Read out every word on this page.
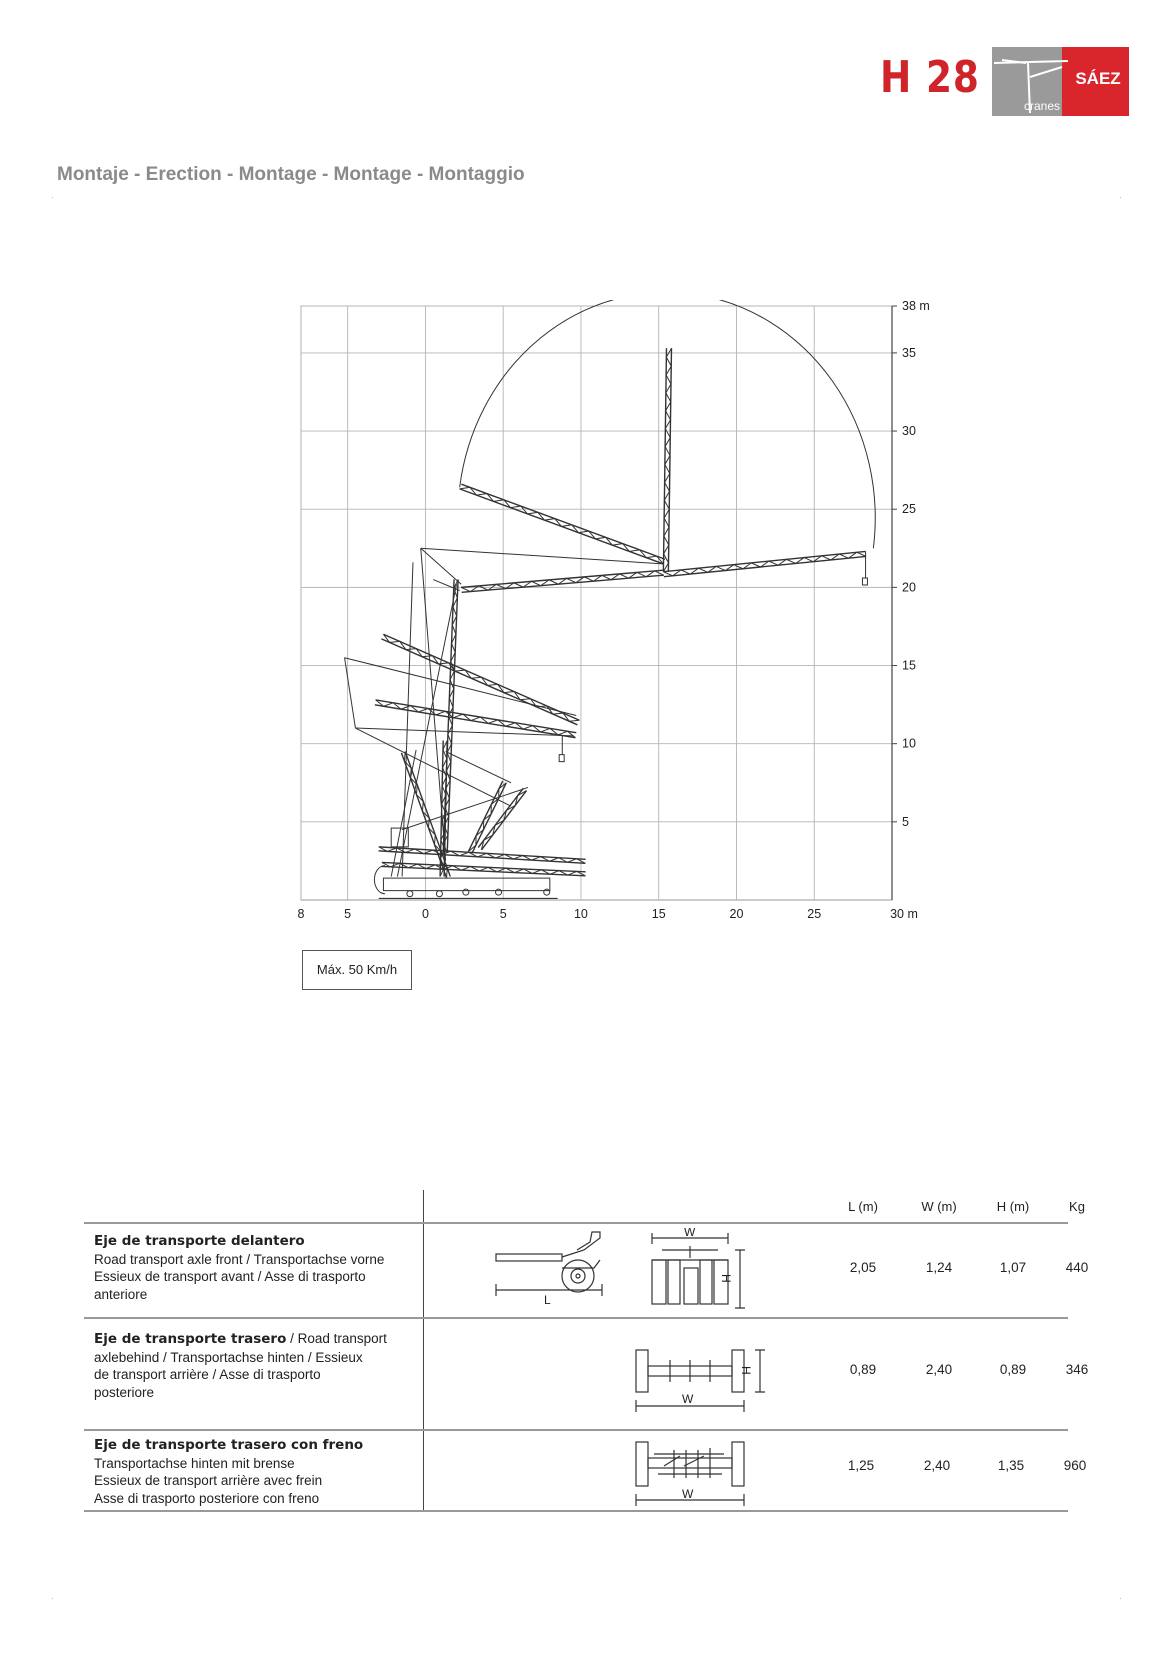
H 28	SÁEZ
cranes
Montaje - Erection - Montage - Montage - Montaggio
8	5	0	5	10	15	20	25	30 m
38 m
35
30
25
20
15
10
5
Máx. 50 Km/h
L (m)	W (m)	H (m)	Kg
Eje de transporte delantero
Road transport axle front / Transportachse vorne
Essieux de transport avant / Asse di trasporto
anteriore	L
W
H
2,05	1,24	1,07	440
Eje de transporte trasero / Road transport
axlebehind / Transportachse hinten / Essieux
de transport arrière / Asse di trasporto
posteriore	W
H	0,89	2,40	0,89	346
Eje de transporte trasero con freno
Transportachse hinten mit brense
Essieux de transport arrière avec frein
Asse di trasporto posteriore con freno	W
1,25	2,40	1,35	960
